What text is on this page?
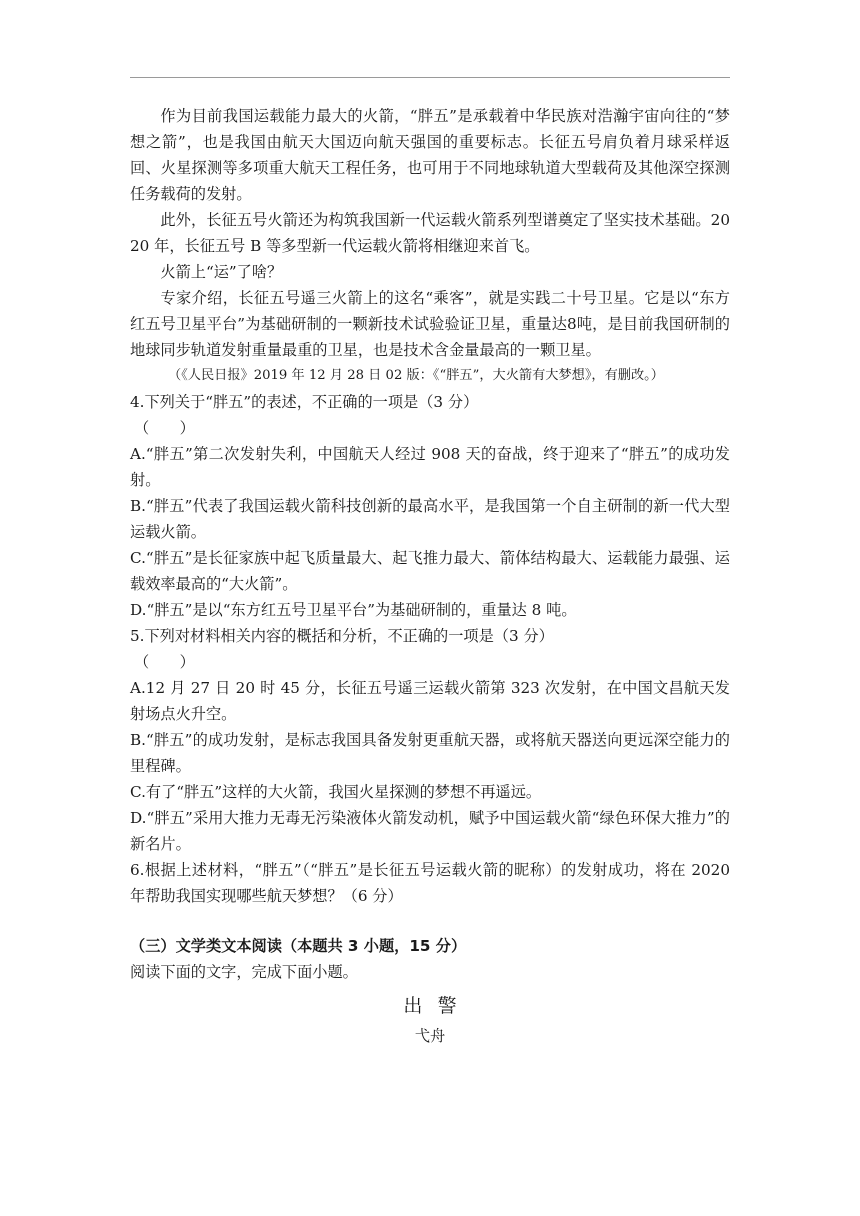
作为目前我国运载能力最大的火箭，“胖五”是承载着中华民族对浩瀚宇宙向往的“梦想之箭”，也是我国由航天大国迈向航天强国的重要标志。长征五号肩负着月球采样返回、火星探测等多项重大航天工程任务，也可用于不同地球轨道大型载荷及其他深空探测任务载荷的发射。

此外，长征五号火箭还为构筑我国新一代运载火箭系列型谱奠定了坚实技术基础。2020 年，长征五号 B 等多型新一代运载火箭将相继迎来首飞。

火箭上“运”了啥？

专家介绍，长征五号遥三火箭上的这名“乘客”，就是实践二十号卫星。它是以“东方红五号卫星平台”为基础研制的一颗新技术试验验证卫星，重量达8吨，是目前我国研制的地球同步轨道发射重量最重的卫星，也是技术含金量最高的一颗卫星。

（《人民日报》2019 年 12 月 28 日 02 版：《“胖五”，大火箭有大梦想》，有删改。）

4.下列关于“胖五”的表述，不正确的一项是（3 分）

（　　）

A.“胖五”第二次发射失利，中国航天人经过 908 天的奋战，终于迎来了“胖五”的成功发射。

B.“胖五”代表了我国运载火箭科技创新的最高水平，是我国第一个自主研制的新一代大型运载火箭。

C.“胖五”是长征家族中起飞质量最大、起飞推力最大、箭体结构最大、运载能力最强、运载效率最高的“大火箭”。

D.“胖五”是以“东方红五号卫星平台”为基础研制的，重量达 8 吨。

5.下列对材料相关内容的概括和分析，不正确的一项是（3 分）

（　　）

A.12 月 27 日 20 时 45 分，长征五号遥三运载火箭第 323 次发射，在中国文昌航天发射场点火升空。

B.“胖五”的成功发射，是标志我国具备发射更重航天器，或将航天器送向更远深空能力的里程碑。

C.有了“胖五”这样的大火箭，我国火星探测的梦想不再遥远。

D.“胖五”采用大推力无毒无污染液体火箭发动机，赋予中国运载火箭“绿色环保大推力”的新名片。

6.根据上述材料，“胖五”（“胖五”是长征五号运载火箭的昵称）的发射成功，将在 2020 年帮助我国实现哪些航天梦想？（6 分）

（三）文学类文本阅读（本题共 3 小题，15 分）

阅读下面的文字，完成下面小题。

出警

弋舟
